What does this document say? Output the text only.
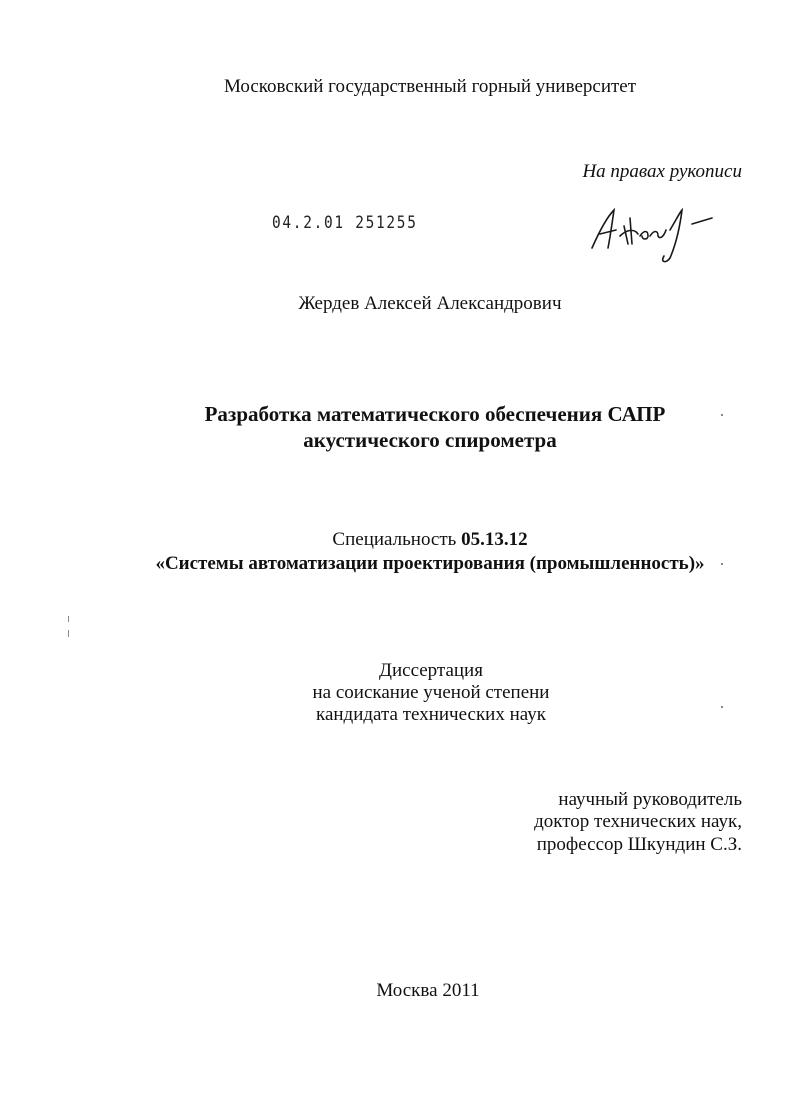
Московский государственный горный университет
На правах рукописи
04.2.01 251255
Жердев Алексей Александрович
Разработка математического обеспечения САПР
акустического спирометра
Специальность 05.13.12
«Системы автоматизации проектирования (промышленность)»
Диссертация
на соискание ученой степени
кандидата технических наук
научный руководитель
доктор технических наук,
профессор Шкундин С.З.
Москва 2011
